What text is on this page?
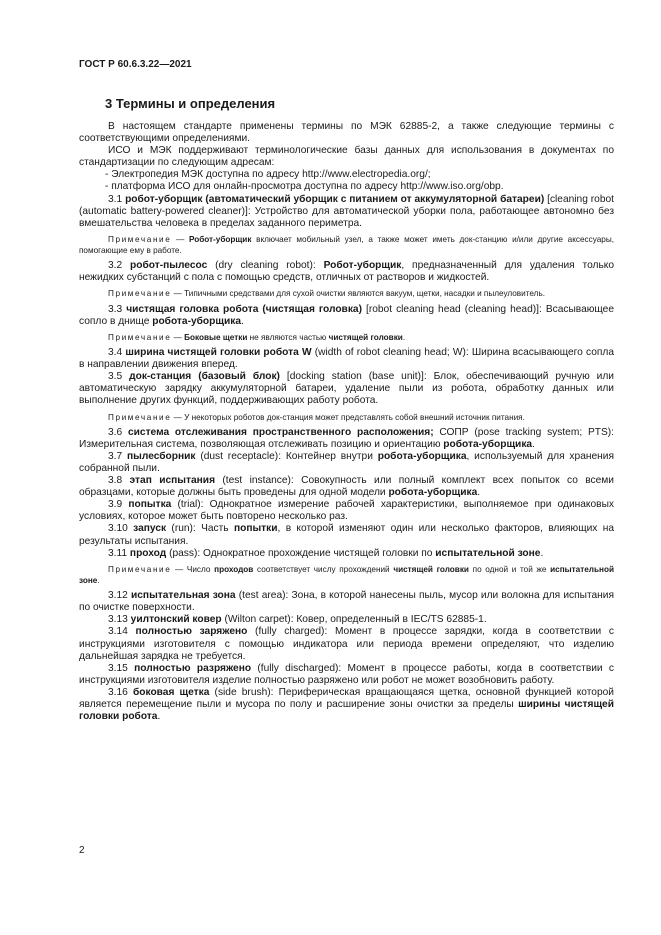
ГОСТ Р 60.6.3.22—2021
3 Термины и определения

В настоящем стандарте применены термины по МЭК 62885-2, а также следующие термины с соответствующими определениями.

ИСО и МЭК поддерживают терминологические базы данных для использования в документах по стандартизации по следующим адресам:

- Электропедия МЭК доступна по адресу http://www.electropedia.org/;

- платформа ИСО для онлайн-просмотра доступна по адресу http://www.iso.org/obp.

3.1 робот-уборщик (автоматический уборщик с питанием от аккумуляторной батареи) [cleaning robot (automatic battery-powered cleaner)]: Устройство для автоматической уборки пола, работающее автономно без вмешательства человека в пределах заданного периметра.

Примечание — Робот-уборщик включает мобильный узел, а также может иметь док-станцию и/или другие аксессуары, помогающие ему в работе.

3.2 робот-пылесос (dry cleaning robot): Робот-уборщик, предназначенный для удаления только нежидких субстанций с пола с помощью средств, отличных от растворов и жидкостей.

Примечание — Типичными средствами для сухой очистки являются вакуум, щетки, насадки и пылеуловитель.

3.3 чистящая головка робота (чистящая головка) [robot cleaning head (cleaning head)]: Всасывающее сопло в днище робота-уборщика.

Примечание — Боковые щетки не являются частью чистящей головки.

3.4 ширина чистящей головки робота W (width of robot cleaning head; W): Ширина всасывающего сопла в направлении движения вперед.

3.5 док-станция (базовый блок) [docking station (base unit)]: Блок, обеспечивающий ручную или автоматическую зарядку аккумуляторной батареи, удаление пыли из робота, обработку данных или выполнение других функций, поддерживающих работу робота.

Примечание — У некоторых роботов док-станция может представлять собой внешний источник питания.

3.6 система отслеживания пространственного расположения; СОПР (pose tracking system; PTS): Измерительная система, позволяющая отслеживать позицию и ориентацию робота-уборщика.

3.7 пылесборник (dust receptacle): Контейнер внутри робота-уборщика, используемый для хранения собранной пыли.

3.8 этап испытания (test instance): Совокупность или полный комплект всех попыток со всеми образцами, которые должны быть проведены для одной модели робота-уборщика.

3.9 попытка (trial): Однократное измерение рабочей характеристики, выполняемое при одинаковых условиях, которое может быть повторено несколько раз.

3.10 запуск (run): Часть попытки, в которой изменяют один или несколько факторов, влияющих на результаты испытания.

3.11 проход (pass): Однократное прохождение чистящей головки по испытательной зоне.

Примечание — Число проходов соответствует числу прохождений чистящей головки по одной и той же испытательной зоне.

3.12 испытательная зона (test area): Зона, в которой нанесены пыль, мусор или волокна для испытания по очистке поверхности.

3.13 уилтонский ковер (Wilton carpet): Ковер, определенный в IEC/TS 62885-1.

3.14 полностью заряжено (fully charged): Момент в процессе зарядки, когда в соответствии с инструкциями изготовителя с помощью индикатора или периода времени определяют, что изделию дальнейшая зарядка не требуется.

3.15 полностью разряжено (fully discharged): Момент в процессе работы, когда в соответствии с инструкциями изготовителя изделие полностью разряжено или робот не может возобновить работу.

3.16 боковая щетка (side brush): Периферическая вращающаяся щетка, основной функцией которой является перемещение пыли и мусора по полу и расширение зоны очистки за пределы ширины чистящей головки робота.

2
